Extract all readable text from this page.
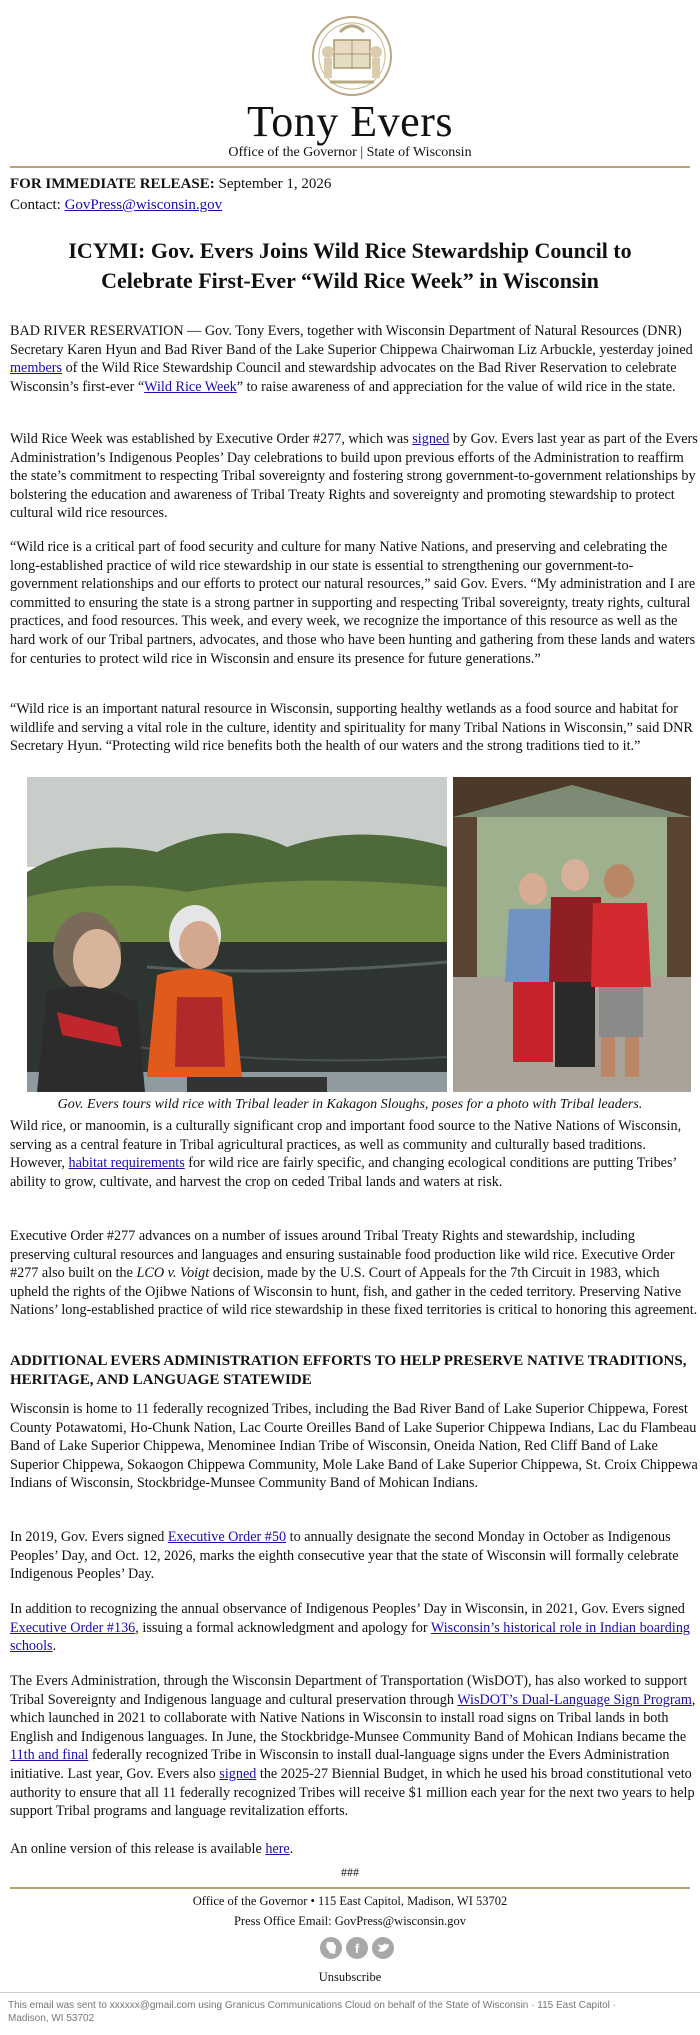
Tony Evers
Office of the Governor | State of Wisconsin
FOR IMMEDIATE RELEASE: September 1, 2026
Contact: GovPress@wisconsin.gov
ICYMI: Gov. Evers Joins Wild Rice Stewardship Council to Celebrate First-Ever “Wild Rice Week” in Wisconsin

BAD RIVER RESERVATION — Gov. Tony Evers, together with Wisconsin Department of Natural Resources (DNR) Secretary Karen Hyun and Bad River Band of the Lake Superior Chippewa Chairwoman Liz Arbuckle, yesterday joined members of the Wild Rice Stewardship Council and stewardship advocates on the Bad River Reservation to celebrate Wisconsin’s first-ever “Wild Rice Week” to raise awareness of and appreciation for the value of wild rice in the state.

Wild Rice Week was established by Executive Order #277, which was signed by Gov. Evers last year as part of the Evers Administration’s Indigenous Peoples’ Day celebrations to build upon previous efforts of the Administration to reaffirm the state’s commitment to respecting Tribal sovereignty and fostering strong government-to-government relationships by bolstering the education and awareness of Tribal Treaty Rights and sovereignty and promoting stewardship to protect cultural wild rice resources.

“Wild rice is a critical part of food security and culture for many Native Nations, and preserving and celebrating the long-established practice of wild rice stewardship in our state is essential to strengthening our government-to-government relationships and our efforts to protect our natural resources,” said Gov. Evers. “My administration and I are committed to ensuring the state is a strong partner in supporting and respecting Tribal sovereignty, treaty rights, cultural practices, and food resources. This week, and every week, we recognize the importance of this resource as well as the hard work of our Tribal partners, advocates, and those who have been hunting and gathering from these lands and waters for centuries to protect wild rice in Wisconsin and ensure its presence for future generations.”

“Wild rice is an important natural resource in Wisconsin, supporting healthy wetlands as a food source and habitat for wildlife and serving a vital role in the culture, identity and spirituality for many Tribal Nations in Wisconsin,” said DNR Secretary Hyun. “Protecting wild rice benefits both the health of our waters and the strong traditions tied to it.”

Gov. Evers tours wild rice with Tribal leader in Kakagon Sloughs, poses for a photo with Tribal leaders.

Wild rice, or manoomin, is a culturally significant crop and important food source to the Native Nations of Wisconsin, serving as a central feature in Tribal agricultural practices, as well as community and culturally based traditions. However, habitat requirements for wild rice are fairly specific, and changing ecological conditions are putting Tribes’ ability to grow, cultivate, and harvest the crop on ceded Tribal lands and waters at risk.

Executive Order #277 advances on a number of issues around Tribal Treaty Rights and stewardship, including preserving cultural resources and languages and ensuring sustainable food production like wild rice. Executive Order #277 also built on the LCO v. Voigt decision, made by the U.S. Court of Appeals for the 7th Circuit in 1983, which upheld the rights of the Ojibwe Nations of Wisconsin to hunt, fish, and gather in the ceded territory. Preserving Native Nations’ long-established practice of wild rice stewardship in these fixed territories is critical to honoring this agreement.

ADDITIONAL EVERS ADMINISTRATION EFFORTS TO HELP PRESERVE NATIVE TRADITIONS, HERITAGE, AND LANGUAGE STATEWIDE

Wisconsin is home to 11 federally recognized Tribes, including the Bad River Band of Lake Superior Chippewa, Forest County Potawatomi, Ho-Chunk Nation, Lac Courte Oreilles Band of Lake Superior Chippewa Indians, Lac du Flambeau Band of Lake Superior Chippewa, Menominee Indian Tribe of Wisconsin, Oneida Nation, Red Cliff Band of Lake Superior Chippewa, Sokaogon Chippewa Community, Mole Lake Band of Lake Superior Chippewa, St. Croix Chippewa Indians of Wisconsin, Stockbridge-Munsee Community Band of Mohican Indians.

In 2019, Gov. Evers signed Executive Order #50 to annually designate the second Monday in October as Indigenous Peoples’ Day, and Oct. 12, 2026, marks the eighth consecutive year that the state of Wisconsin will formally celebrate Indigenous Peoples’ Day.

In addition to recognizing the annual observance of Indigenous Peoples’ Day in Wisconsin, in 2021, Gov. Evers signed Executive Order #136, issuing a formal acknowledgment and apology for Wisconsin’s historical role in Indian boarding schools.

The Evers Administration, through the Wisconsin Department of Transportation (WisDOT), has also worked to support Tribal Sovereignty and Indigenous language and cultural preservation through WisDOT’s Dual-Language Sign Program, which launched in 2021 to collaborate with Native Nations in Wisconsin to install road signs on Tribal lands in both English and Indigenous languages. In June, the Stockbridge-Munsee Community Band of Mohican Indians became the 11th and final federally recognized Tribe in Wisconsin to install dual-language signs under the Evers Administration initiative. Last year, Gov. Evers also signed the 2025-27 Biennial Budget, in which he used his broad constitutional veto authority to ensure that all 11 federally recognized Tribes will receive $1 million each year for the next two years to help support Tribal programs and language revitalization efforts.

An online version of this release is available here.

###
Office of the Governor • 115 East Capitol, Madison, WI 53702
Press Office Email: GovPress@wisconsin.gov
f
Unsubscribe
This email was sent to xxxxxx@gmail.com using Granicus Communications Cloud on behalf of the State of Wisconsin · 115 East Capitol · Madison, WI 53702
